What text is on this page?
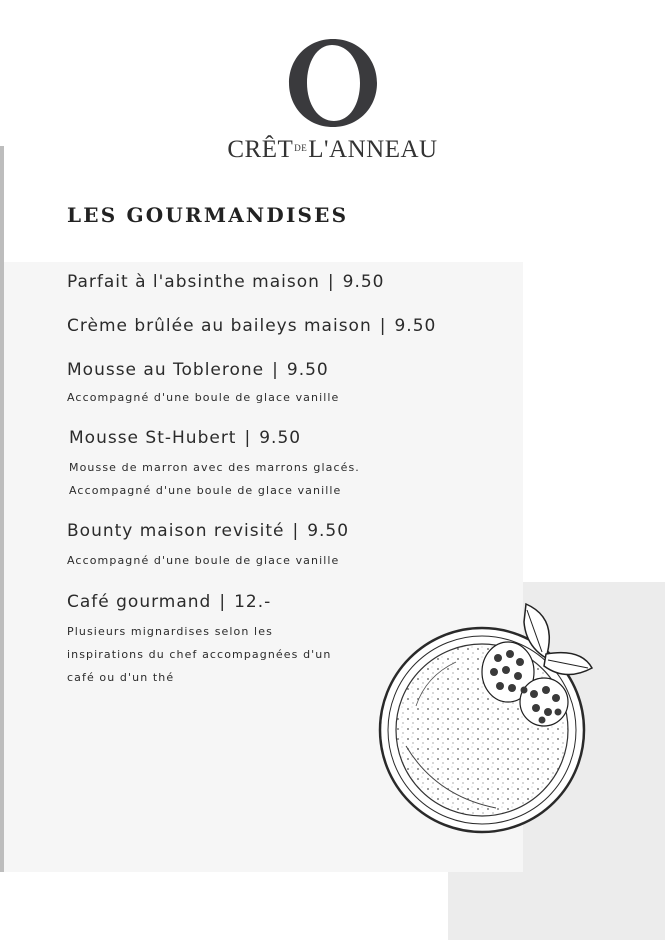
$CRÊT^{DE}L'ANNEAU$
LES GOURMANDISES
Parfait à l'absinthe maison | 9.50
Crème brûlée au baileys maison | 9.50
Mousse au Toblerone | 9.50
Accompagné d'une boule de glace vanille
Mousse St-Hubert | 9.50
Mousse de marron avec des marrons glacés.
Accompagné d'une boule de glace vanille
Bounty maison revisité | 9.50
Accompagné d'une boule de glace vanille
Café gourmand | 12.-
Plusieurs mignardises selon les
inspirations du chef accompagnées d'un
café ou d'un thé
